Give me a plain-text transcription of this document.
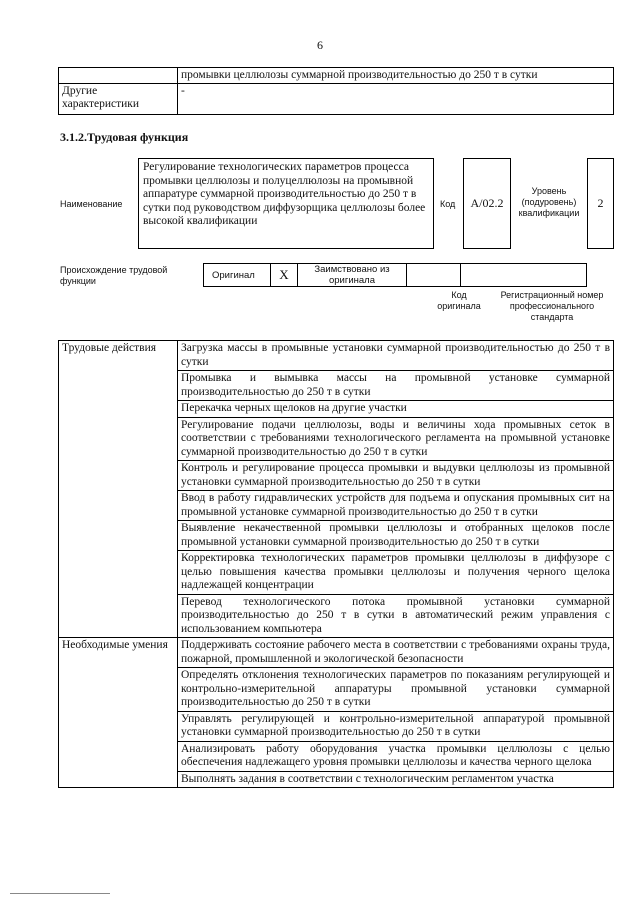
6
	промывки целлюлозы суммарной производительностью до 250 т в сутки
Другие характеристики	-
3.1.2.Трудовая функция
Наименование
Регулирование технологических параметров процесса промывки целлюлозы и полуцеллюлозы на промывной аппаратуре суммарной производительностью до 250 т в сутки под руководством диффузорщика целлюлозы более высокой квалификации
Код	А/02.2
Уровень (подуровень) квалификации
2
Происхождение трудовой функции
Оригинал	X	Заимствовано из оригинала
Код оригинала
Регистрационный номер профессионального стандарта
Трудовые действия	Загрузка массы в промывные установки суммарной производительностью до 250 т в сутки
	Промывка и вымывка массы на промывной установке суммарной производительностью до 250 т в сутки
	Перекачка черных щелоков на другие участки
	Регулирование подачи целлюлозы, воды и величины хода промывных сеток в соответствии с требованиями технологического регламента на промывной установке суммарной производительностью до 250 т в сутки
	Контроль и регулирование процесса промывки и выдувки целлюлозы из промывной установки суммарной производительностью до 250 т в сутки
	Ввод в работу гидравлических устройств для подъема и опускания промывных сит на промывной установке суммарной производительностью до 250 т в сутки
	Выявление некачественной промывки целлюлозы и отобранных щелоков после промывной установки суммарной производительностью до 250 т в сутки
	Корректировка технологических параметров промывки целлюлозы в диффузоре с целью повышения качества промывки целлюлозы и получения черного щелока надлежащей концентрации
	Перевод технологического потока промывной установки суммарной производительностью до 250 т в сутки в автоматический режим управления с использованием компьютера
Необходимые умения	Поддерживать состояние рабочего места в соответствии с требованиями охраны труда, пожарной, промышленной и экологической безопасности
	Определять отклонения технологических параметров по показаниям регулирующей и контрольно-измерительной аппаратуры промывной установки суммарной производительностью до 250 т в сутки
	Управлять регулирующей и контрольно-измерительной аппаратурой промывной установки суммарной производительностью до 250 т в сутки
	Анализировать работу оборудования участка промывки целлюлозы с целью обеспечения надлежащего уровня промывки целлюлозы и качества черного щелока
	Выполнять задания в соответствии с технологическим регламентом участка
